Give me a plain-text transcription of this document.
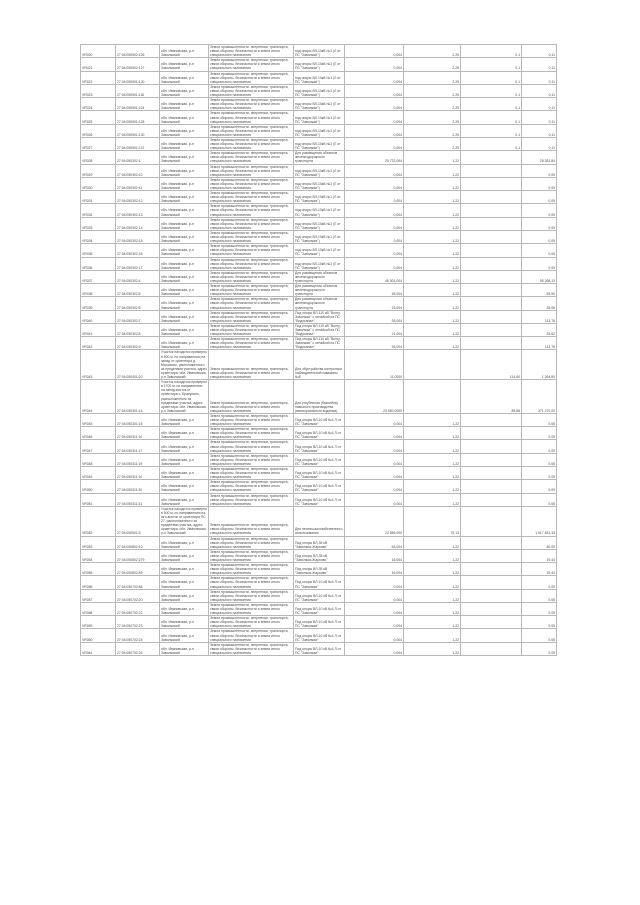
VR020	27:04:050502:126	обл. Ивановская, р-н Заволжский	Земли промышленности, энергетики, транспорта, связи обороны, безопасности и земли иного специального назначения	под опоры ВЛ-10кВ №1 (Л от ПС "Заволжье")	0,004	2,25	0,1	0,11
VR021	27:04:050502:127	обл. Ивановская, р-н Заволжский	Земли промышленности, энергетики, транспорта, связи обороны, безопасности и земли иного специального назначения	под опоры ВЛ-10кВ №1 (Л от ПС "Заволжье")	0,004	2,25	0,1	0,11
VR022	27:04:050501:120	обл. Ивановская, р-н Заволжский	Земли промышленности, энергетики, транспорта, связи обороны, безопасности и земли иного специального назначения	под опоры ВЛ-10кВ №1 (Л от ПС "Заволжье")	0,004	2,25	0,1	0,11
VR023	27:04:050501:116	обл. Ивановская, р-н Заволжский	Земли промышленности, энергетики, транспорта, связи обороны, безопасности и земли иного специального назначения	под опоры ВЛ-10кВ №1 (Л от ПС "Заволжье")	0,004	2,25	0,1	0,11
VR024	27:04:050501:124	обл. Ивановская, р-н Заволжский	Земли промышленности, энергетики, транспорта, связи обороны, безопасности и земли иного специального назначения	под опоры ВЛ-10кВ №1 (Л от ПС "Заволжье")	0,004	2,25	0,1	0,11
VR025	27:04:050501:128	обл. Ивановская, р-н Заволжский	Земли промышленности, энергетики, транспорта, связи обороны, безопасности и земли иного специального назначения	под опоры ВЛ-10кВ №1 (Л от ПС "Заволжье")	0,004	2,25	0,1	0,11
VR026	27:04:050501:130	обл. Ивановская, р-н Заволжский	Земли промышленности, энергетики, транспорта, связи обороны, безопасности и земли иного специального назначения	под опоры ВЛ-10кВ №1 (Л от ПС "Заволжье")	0,004	2,25	0,1	0,11
VR027	27:04:050501:137	обл. Ивановская, р-н Заволжский	Земли промышленности, энергетики, транспорта, связи обороны, безопасности и земли иного специального назначения	под опоры ВЛ-10кВ №1 (Л от ПС "Заволжье")	0,004	2,25	0,1	0,11
VR028	27:04:050302:1	обл. Ивановская, р-н Заволжский	Земли промышленности, энергетики, транспорта, связи обороны, безопасности и земли иного специального назначения	Для размещения объектов железнодорожного транспорта	20 722,004	1,22		25 281,84
VR029	27:04:050302:10	обл. Ивановская, р-н Заволжский	Земли промышленности, энергетики, транспорта, связи обороны, безопасности и земли иного специального назначения	под опоры ВЛ-10кВ №1 (Л от ПС "Заволжье")	0,004	1,22		0,05
VR030	27:04:050302:11	обл. Ивановская, р-н Заволжский	Земли промышленности, энергетики, транспорта, связи обороны, безопасности и земли иного специального назначения	под опоры ВЛ-10кВ №1 (Л от ПС "Заволжье")	0,004	1,22		0,05
VR031	27:04:050302:12	обл. Ивановская, р-н Заволжский	Земли промышленности, энергетики, транспорта, связи обороны, безопасности и земли иного специального назначения	под опоры ВЛ-10кВ №1 (Л от ПС "Заволжье")	0,004	1,22		0,05
VR032	27:04:050302:13	обл. Ивановская, р-н Заволжский	Земли промышленности, энергетики, транспорта, связи обороны, безопасности и земли иного специального назначения	под опоры ВЛ-10кВ №1 (Л от ПС "Заволжье")	0,004	1,22		0,05
VR033	27:04:050302:14	обл. Ивановская, р-н Заволжский	Земли промышленности, энергетики, транспорта, связи обороны, безопасности и земли иного специального назначения	под опоры ВЛ-10кВ №1 (Л от ПС "Заволжье")	0,004	1,22		0,05
VR034	27:04:050302:15	обл. Ивановская, р-н Заволжский	Земли промышленности, энергетики, транспорта, связи обороны, безопасности и земли иного специального назначения	под опоры ВЛ-10кВ №1 (Л от ПС "Заволжье")	0,004	1,22		0,05
VR035	27:04:050302:16	обл. Ивановская, р-н Заволжский	Земли промышленности, энергетики, транспорта, связи обороны, безопасности и земли иного специального назначения	под опоры ВЛ-10кВ №1 (Л от ПС "Заволжье")	0,004	1,22		0,05
VR036	27:04:050302:17	обл. Ивановская, р-н Заволжский	Земли промышленности, энергетики, транспорта, связи обороны, безопасности и земли иного специального назначения	под опоры ВЛ-10кВ №1 (Л от ПС "Заволжье")	0,004	1,22		0,05
VR037	27:04:050302:4	обл. Ивановская, р-н Заволжский	Земли промышленности, энергетики, транспорта, связи обороны, безопасности и земли иного специального назначения	Для размещения объектов железнодорожного транспорта	45 301,004	1,22		55 268,13
VR038	27:04:050302:5	обл. Ивановская, р-н Заволжский	Земли промышленности, энергетики, транспорта, связи обороны, безопасности и земли иного специального назначения	Для размещения объектов железнодорожного транспорта	45,004	1,22		55,90
VR039	27:04:050302:6	обл. Ивановская, р-н Заволжский	Земли промышленности, энергетики, транспорта, связи обороны, безопасности и земли иного специального назначения	Для размещения объектов железнодорожного транспорта	23,004	1,22		28,06
VR040	27:04:050302:7	обл. Ивановская, р-н Заволжский	Земли промышленности, энергетики, транспорта, связи обороны, безопасности и земли иного специального назначения	Под опоры ВЛ-110 кВ "Волгу-Заволжье" с отпайкой на ПС "Водоканал"	93,004	1,22		113,76
VR041	27:04:050302:8	обл. Ивановская, р-н Заволжский	Земли промышленности, энергетики, транспорта, связи обороны, безопасности и земли иного специального назначения	Под опоры ВЛ-110 кВ "Волгу-Заволжье" с отпайкой на ПС "Водоканал"	21,004	1,22		25,62
VR042	27:04:050302:9	обл. Ивановская, р-н Заволжский	Земли промышленности, энергетики, транспорта, связи обороны, безопасности и земли иного специального назначения	Под опоры ВЛ-110 кВ "Волгу-Заволжье" с отпайкой на ПС "Водоканал"	93,004	1,22		113,76
VR043	27:04:050401:20	Участок находится примерно в 500 м. по направлению на запад от ориентира д. Малахово, расположенного за пределами участка, адрес ориентира: обл. Ивановская, р-н Заволжский	Земли промышленности, энергетики, транспорта, связи обороны, безопасности и земли иного специального назначения	Для обустройства контрольно наблюдательной скважины №8	11,0000		114,60	1 264,50
VR044	27:04:050301:14	Участок находится примерно в 1700 м. по направлению на запад-восток от ориентира с. Бракунино, расположенного за пределами участка, адрес ориентира: обл. Ивановская, р-н Заволжский	Земли промышленности, энергетики, транспорта, связи обороны, безопасности и земли иного специального назначения	Для углубления (бассейна) навозного производства (мелиоративного водоема)	23 550,0000		89,88	371 270,00
VR045	27:04:050301:15	обл. Ивановская, р-н Заволжский	Земли промышленности, энергетики, транспорта, связи обороны, безопасности и земли иного специального назначения	Под опоры ВЛ-10 кВ №4 Л от ПС "Заволжье"	0,004	1,22		0,05
VR046	27:04:050311:10	обл. Ивановская, р-н Заволжский	Земли промышленности, энергетики, транспорта, связи обороны, безопасности и земли иного специального назначения	Под опоры ВЛ-10 кВ №4 Л от ПС "Заволжье"	0,004	1,22		0,05
VR047	27:04:050311:17	обл. Ивановская, р-н Заволжский	Земли промышленности, энергетики, транспорта, связи обороны, безопасности и земли иного специального назначения	Под опоры ВЛ-10 кВ №4 Л от ПС "Заволжье"	0,004	1,22		0,05
VR048	27:04:050311:19	обл. Ивановская, р-н Заволжский	Земли промышленности, энергетики, транспорта, связи обороны, безопасности и земли иного специального назначения	Под опоры ВЛ-10 кВ №4 Л от ПС "Заволжье"	0,004	1,22		0,05
VR049	27:04:050311:10	обл. Ивановская, р-н Заволжский	Земли промышленности, энергетики, транспорта, связи обороны, безопасности и земли иного специального назначения	Под опоры ВЛ-10 кВ №4 Л от ПС "Заволжье"	0,004	1,22		0,05
VR050	27:04:050311:30	обл. Ивановская, р-н Заволжский	Земли промышленности, энергетики, транспорта, связи обороны, безопасности и земли иного специального назначения	Под опоры ВЛ-10 кВ №4 Л от ПС "Заволжье"	0,004	1,22		0,05
VR051	27:04:050311:31	обл. Ивановская, р-н Заволжский	Земли промышленности, энергетики, транспорта, связи обороны, безопасности и земли иного специального назначения	Под опоры ВЛ-10 кВ №4 Л от ПС "Заволжье"	0,004	1,22		0,05
VR052	27:04:050501:5	Участок находится примерно в 500 м. по направлению на юго-восток от ориентира ПС 27, расположенного за пределами участка, адрес ориентира: обл. Ивановская, р-н Заволжский	Земли промышленности, энергетики, транспорта, связи обороны, безопасности и земли иного специального назначения	Для несельскохозяйственного использования	23 856,000	75,13		1 617 831,33
VR053	27:04:050802:10	обл. Ивановская, р-н Заволжский	Земли промышленности, энергетики, транспорта, связи обороны, безопасности и земли иного специального назначения	Под опоры ВЛ-35 кВ "Заволжск-Жарково"	63,004	1,22		80,05
VR054	27:04:050802:279	обл. Ивановская, р-н Заволжский	Земли промышленности, энергетики, транспорта, связи обороны, безопасности и земли иного специального назначения	Под опоры ВЛ-35 кВ "Заволжск-Жарково"	16,004	1,22		19,44
VR055	27:04:050802:89	обл. Ивановская, р-н Заволжский	Земли промышленности, энергетики, транспорта, связи обороны, безопасности и земли иного специального назначения	Под опоры ВЛ-35 кВ "Заволжск-Жарково"	16,004	1,22		19,44
VR056	27:04:050702:86	обл. Ивановская, р-н Заволжский	Земли промышленности, энергетики, транспорта, связи обороны, безопасности и земли иного специального назначения	Под опоры ВЛ-10 кВ №4 Л от ПС "Заволжье"	0,004	1,22		0,05
VR057	27:04:050702:20	обл. Ивановская, р-н Заволжский	Земли промышленности, энергетики, транспорта, связи обороны, безопасности и земли иного специального назначения	Под опоры ВЛ-10 кВ №4 Л от ПС "Заволжье"	0,004	1,22		0,05
VR058	27:04:050702:22	обл. Ивановская, р-н Заволжский	Земли промышленности, энергетики, транспорта, связи обороны, безопасности и земли иного специального назначения	Под опоры ВЛ-10 кВ №4 Л от ПС "Заволжье"	0,004	1,22		0,05
VR059	27:04:050702:23	обл. Ивановская, р-н Заволжский	Земли промышленности, энергетики, транспорта, связи обороны, безопасности и земли иного специального назначения	Под опоры ВЛ-10 кВ №4 Л от ПС "Заволжье"	0,004	1,22		0,05
VR060	27:04:050702:24	обл. Ивановская, р-н Заволжский	Земли промышленности, энергетики, транспорта, связи обороны, безопасности и земли иного специального назначения	Под опоры ВЛ-10 кВ №4 Л от ПС "Заволжье"	0,004	1,22		0,05
VR061	27:04:050702:25	обл. Ивановская, р-н Заволжский	Земли промышленности, энергетики, транспорта, связи обороны, безопасности и земли иного специального назначения	Под опоры ВЛ-10 кВ №4 Л от ПС "Заволжье"	0,004	1,22		0,05
